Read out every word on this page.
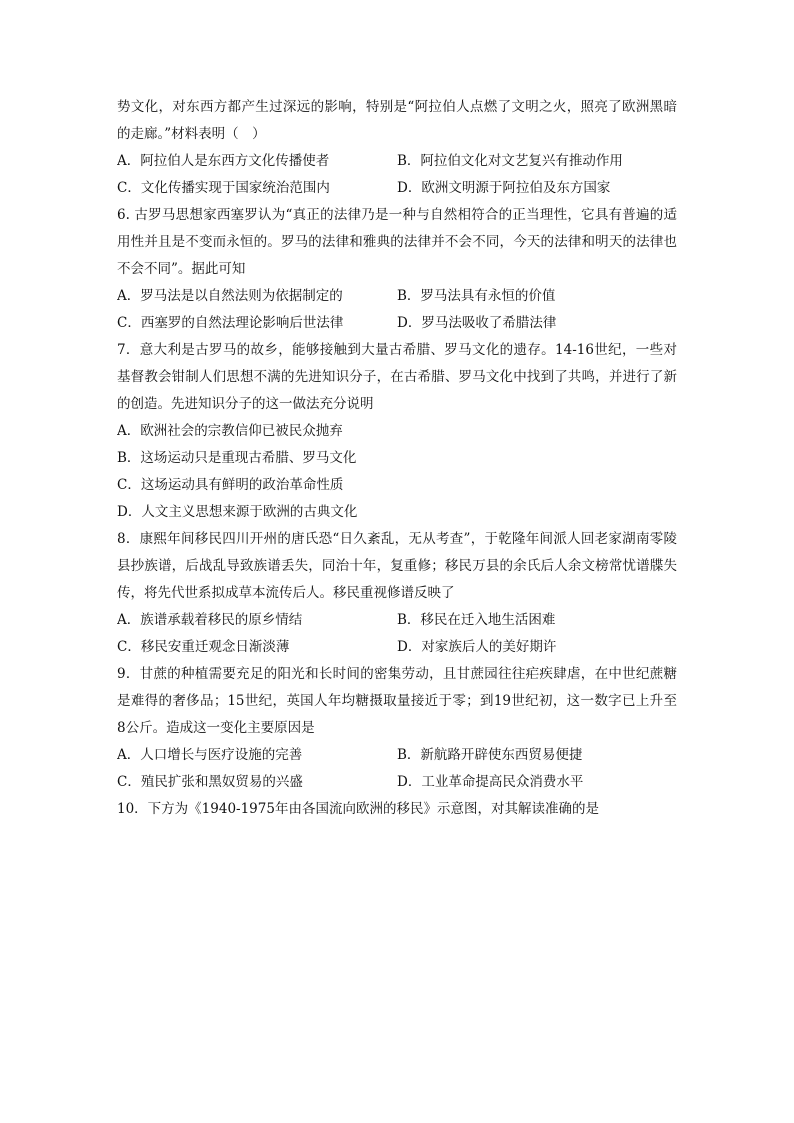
势文化，对东西方都产生过深远的影响，特别是“阿拉伯人点燃了文明之火，照亮了欧洲黑暗的走廊。”材料表明（　）

A．阿拉伯人是东西方文化传播使者	B．阿拉伯文化对文艺复兴有推动作用
C．文化传播实现于国家统治范围内	D．欧洲文明源于阿拉伯及东方国家

6. 古罗马思想家西塞罗认为“真正的法律乃是一种与自然相符合的正当理性，它具有普遍的适用性并且是不变而永恒的。罗马的法律和雅典的法律并不会不同，今天的法律和明天的法律也不会不同”。据此可知

A．罗马法是以自然法则为依据制定的	B．罗马法具有永恒的价值
C．西塞罗的自然法理论影响后世法律	D．罗马法吸收了希腊法律

7．意大利是古罗马的故乡，能够接触到大量古希腊、罗马文化的遗存。14-16世纪，一些对基督教会钳制人们思想不满的先进知识分子，在古希腊、罗马文化中找到了共鸣，并进行了新的创造。先进知识分子的这一做法充分说明

A．欧洲社会的宗教信仰已被民众抛弃
B．这场运动只是重现古希腊、罗马文化
C．这场运动具有鲜明的政治革命性质
D．人文主义思想来源于欧洲的古典文化

8．康熙年间移民四川开州的唐氏恐“日久紊乱，无从考查”，于乾隆年间派人回老家湖南零陵县抄族谱，后战乱导致族谱丢失，同治十年，复重修；移民万县的余氏后人余文榜常忧谱牒失传，将先代世系拟成草本流传后人。移民重视修谱反映了

A．族谱承载着移民的原乡情结	B．移民在迁入地生活困难
C．移民安重迁观念日渐淡薄	D．对家族后人的美好期许

9．甘蔗的种植需要充足的阳光和长时间的密集劳动，且甘蔗园往往疟疾肆虐，在中世纪蔗糖是难得的奢侈品；15世纪，英国人年均糖摄取量接近于零；到19世纪初，这一数字已上升至 8公斤。造成这一变化主要原因是

A．人口增长与医疗设施的完善	B．新航路开辟使东西贸易便捷
C．殖民扩张和黑奴贸易的兴盛	D．工业革命提高民众消费水平

10．下方为《1940-1975年由各国流向欧洲的移民》示意图，对其解读准确的是
